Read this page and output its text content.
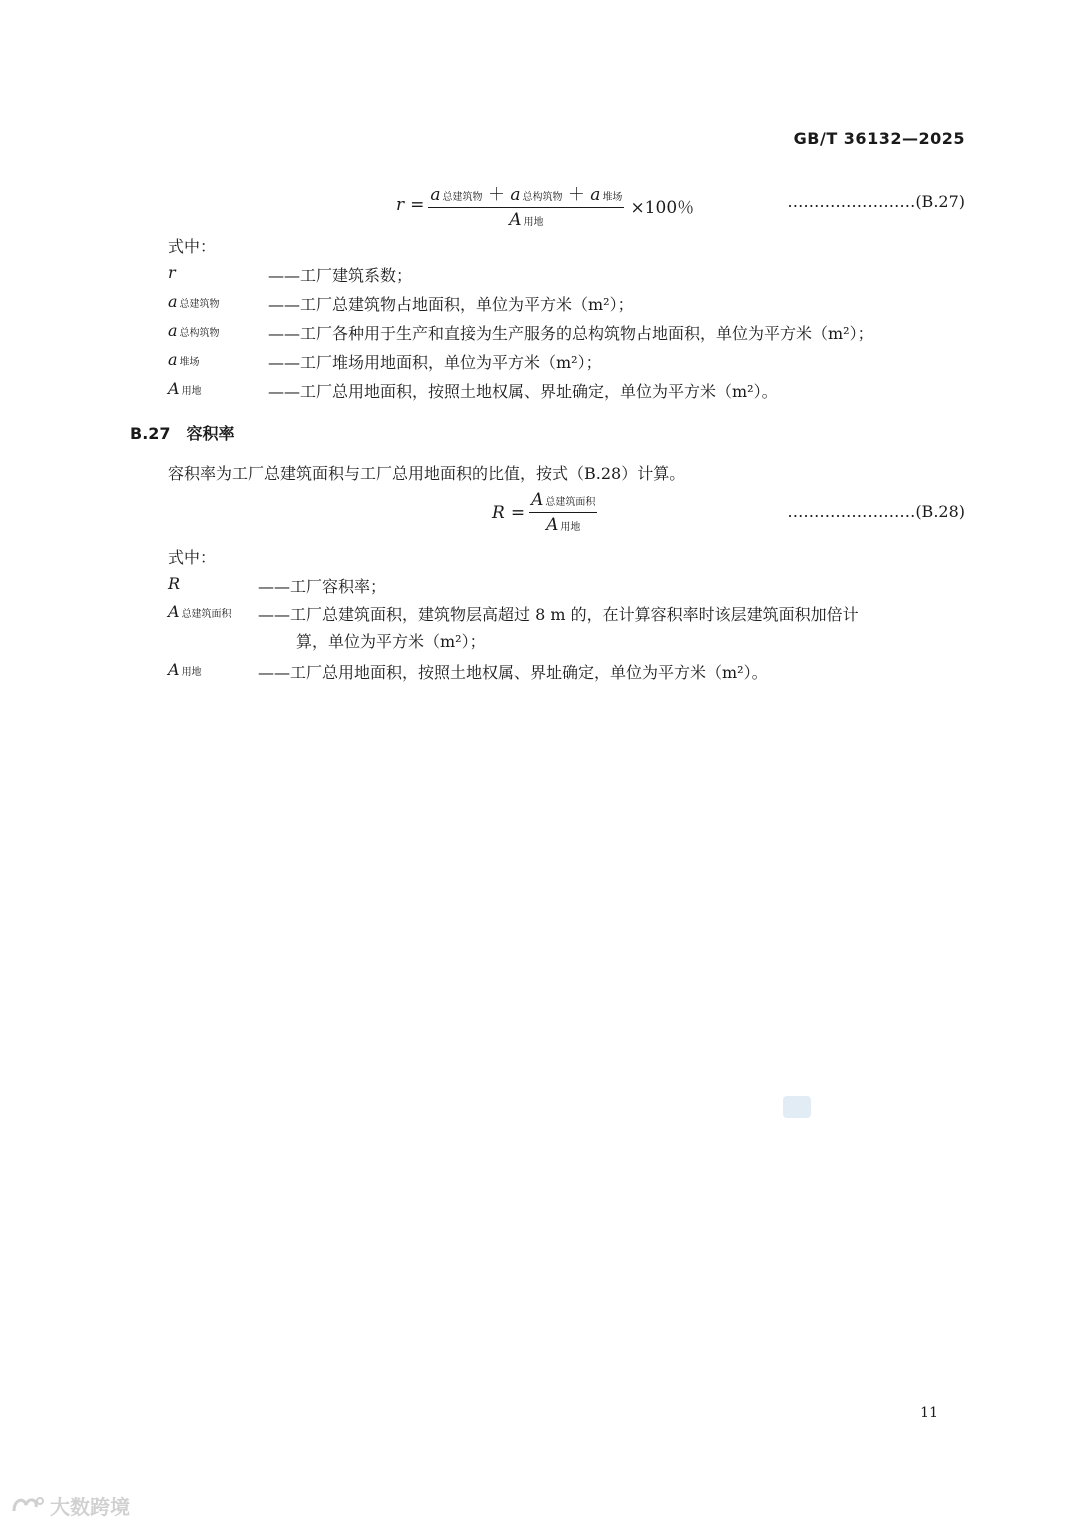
GB/T 36132—2025
$r = \frac{\text{a 总建筑物 ＋ a 总构筑物 ＋ a 堆场}}{\text{A 用地}} \times 100$％	……………………(B.27)
式中：
r	——工厂建筑系数；
a总建筑物	——工厂总建筑物占地面积，单位为平方米（m²）；
a总构筑物	——工厂各种用于生产和直接为生产服务的总构筑物占地面积，单位为平方米（m²）；
a堆场	——工厂堆场用地面积，单位为平方米（m²）；
A用地	——工厂总用地面积，按照土地权属、界址确定，单位为平方米（m²）。
B.27 容积率
容积率为工厂总建筑面积与工厂总用地面积的比值，按式（B.28）计算。
$R = \frac{\text{A 总建筑面积}}{\text{A 用地}}$	……………………(B.28)
式中：
R	——工厂容积率；
A总建筑面积 ——工厂总建筑面积，建筑物层高超过 8 m 的，在计算容积率时该层建筑面积加倍计
算，单位为平方米（m²）；
A用地	——工厂总用地面积，按照土地权属、界址确定，单位为平方米（m²）。
11
大数跨境
